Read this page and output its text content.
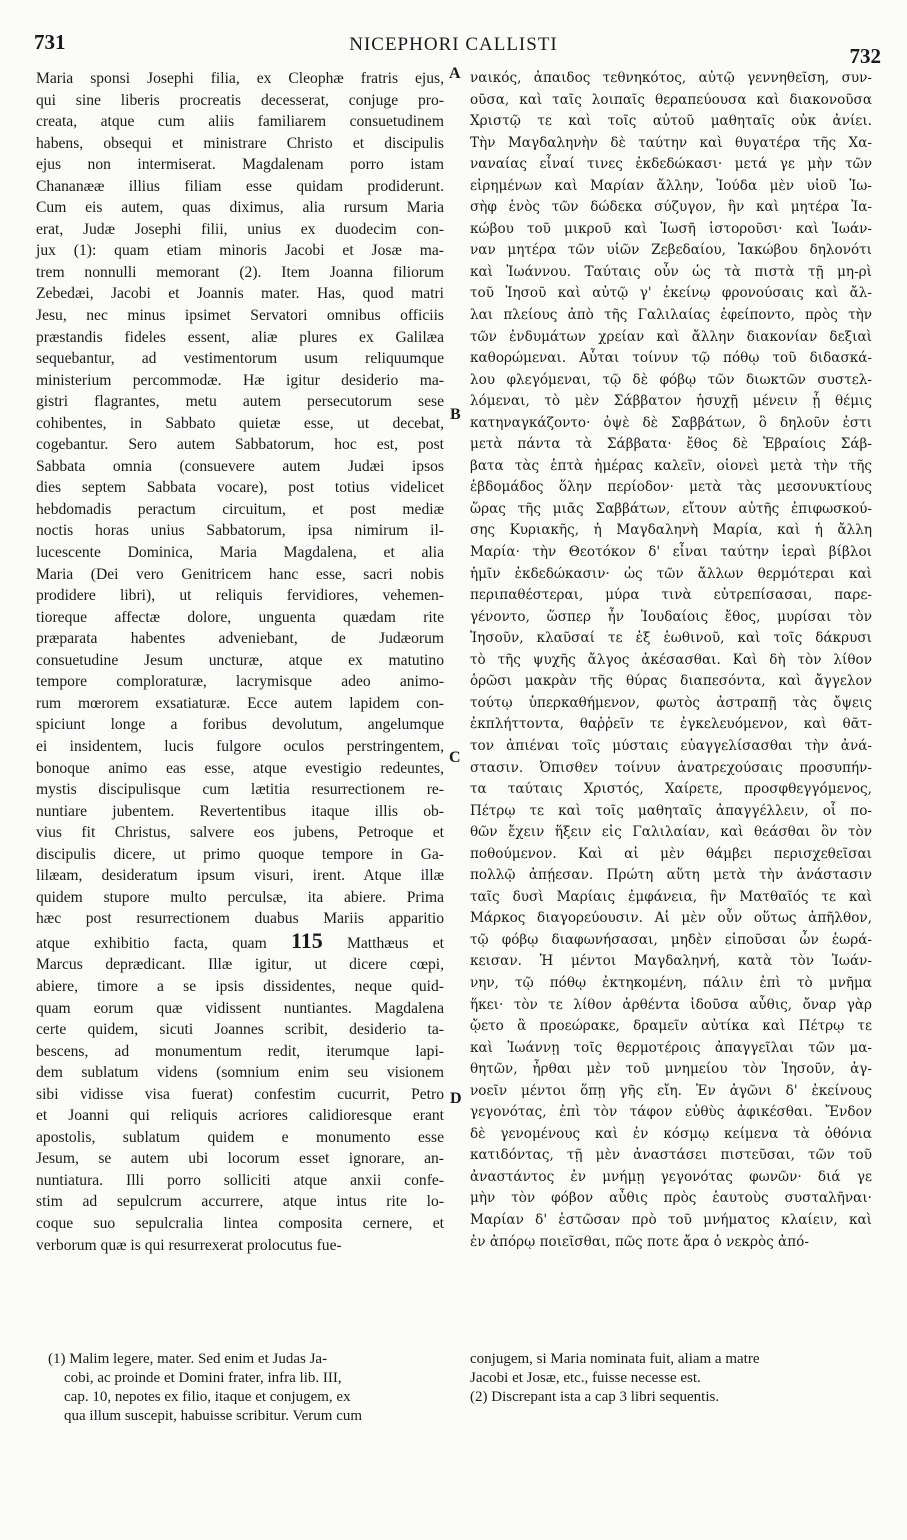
731	NICEPHORI CALLISTI	732
Maria sponsi Josephi filia, ex Cleophæ fratris ejus,
qui sine liberis procreatis decesserat, conjuge pro-
creata, atque cum aliis familiarem consuetudinem
habens, obsequi et ministrare Christo et discipulis
ejus non intermiserat. Magdalenam porro istam
Chananææ illius filiam esse quidam prodiderunt.
Cum eis autem, quas diximus, alia rursum Maria
erat, Judæ Josephi filii, unius ex duodecim con-
jux (1): quam etiam minoris Jacobi et Josæ ma-
trem nonnulli memorant (2). Item Joanna filiorum
Zebedæi, Jacobi et Joannis mater. Has, quod matri
Jesu, nec minus ipsimet Servatori omnibus officiis
præstandis fideles essent, aliæ plures ex Galilæa
sequebantur, ad vestimentorum usum reliquumque
ministerium percommodæ. Hæ igitur desiderio ma-
gistri flagrantes, metu autem persecutorum sese
cohibentes, in Sabbato quietæ esse, ut decebat,
cogebantur. Sero autem Sabbatorum, hoc est, post
Sabbata omnia (consuevere autem Judæi ipsos
dies septem Sabbata vocare), post totius videlicet
hebdomadis peractum circuitum, et post mediæ
noctis horas unius Sabbatorum, ipsa nimirum il-
lucescente Dominica, Maria Magdalena, et alia
Maria (Dei vero Genitricem hanc esse, sacri nobis
prodidere libri), ut reliquis fervidiores, vehemen-
tioreque affectæ dolore, unguenta quædam rite
præparata habentes adveniebant, de Judæorum
consuetudine Jesum uncturæ, atque ex matutino
tempore comploraturæ, lacrymisque adeo animo-
rum mœrorem exsatiaturæ. Ecce autem lapidem con-
spiciunt longe a foribus devolutum, angelumque
ei insidentem, lucis fulgore oculos perstringentem,
bonoque animo eas esse, atque evestigio redeuntes,
mystis discipulisque cum lætitia resurrectionem re-
nuntiare jubentem. Revertentibus itaque illis ob-
vius fit Christus, salvere eos jubens, Petroque et
discipulis dicere, ut primo quoque tempore in Ga-
lilæam, desideratum ipsum visuri, irent. Atque illæ
quidem stupore multo perculsæ, ita abiere. Prima
hæc post resurrectionem duabus Mariis apparitio
atque exhibitio facta, quam 115 Matthæus et
Marcus deprædicant. Illæ igitur, ut dicere cœpi,
abiere, timore a se ipsis dissidentes, neque quid-
quam eorum quæ vidissent nuntiantes. Magdalena
certe quidem, sicuti Joannes scribit, desiderio ta-
bescens, ad monumentum redit, iterumque lapi-
dem sublatum videns (somnium enim seu visionem
sibi vidisse visa fuerat) confestim cucurrit, Petro
et Joanni qui reliquis acriores calidioresque erant
apostolis, sublatum quidem e monumento esse
Jesum, se autem ubi locorum esset ignorare, an-
nuntiatura. Illi porro solliciti atque anxii confe-
stim ad sepulcrum accurrere, atque intus rite lo-
coque suo sepulcralia lintea composita cernere, et
verborum quæ is qui resurrexerat prolocutus fue-
ναικός, ἀπαιδος τεθνηκότος, αὐτῷ γεννηθεῖση, συν-
οῦσα, καὶ ταῖς λοιπαῖς θεραπεύουσα καὶ διακονοῦσα
Χριστῷ τε καὶ τοῖς αὐτοῦ μαθηταῖς οὐκ ἀνίει.
Τὴν Μαγδαληνὴν δὲ ταύτην καὶ θυγατέρα τῆς Χα-
ναναίας εἶναί τινες ἐκδεδώκασι· μετά γε μὴν τῶν
εἰρημένων καὶ Μαρίαν ἄλλην, Ἰούδα μὲν υἱοῦ Ἰω-
σὴφ ἑνὸς τῶν δώδεκα σύζυγον, ἣν καὶ μητέρα Ἰα-
κώβου τοῦ μικροῦ καὶ Ἰωσῆ ἱστοροῦσι· καὶ Ἰωάν-
ναν μητέρα τῶν υἱῶν Ζεβεδαίου, Ἰακώβου δηλονότι
καὶ Ἰωάννου. Ταύταις οὖν ὡς τὰ πιστὰ τῇ μη-ρὶ
τοῦ Ἰησοῦ καὶ αὐτῷ γ' ἐκείνῳ φρονούσαις καὶ ἄλ-
λαι πλείους ἀπὸ τῆς Γαλιλαίας ἐφείποντο, πρὸς τὴν
τῶν ἐνδυμάτων χρείαν καὶ ἄλλην διακονίαν δεξιαὶ
καθορώμεναι. Αὗται τοίνυν τῷ πόθῳ τοῦ διδασκά-
λου φλεγόμεναι, τῷ δὲ φόβῳ τῶν διωκτῶν συστελ-
λόμεναι, τὸ μὲν Σάββατον ἡσυχῇ μένειν ᾗ θέμις
κατηναγκάζοντο· ὀψὲ δὲ Σαββάτων, ὃ δηλοῦν ἐστι
μετὰ πάντα τὰ Σάββατα· ἔθος δὲ Ἑβραίοις Σάβ-
βατα τὰς ἑπτὰ ἡμέρας καλεῖν, οἱονεὶ μετὰ τὴν τῆς
ἑβδομάδος ὅλην περίοδον· μετὰ τὰς μεσονυκτίους
ὥρας τῆς μιᾶς Σαββάτων, εἴτουν αὐτῆς ἐπιφωσκού-
σης Κυριακῆς, ἡ Μαγδαληνὴ Μαρία, καὶ ἡ ἄλλη
Μαρία· τὴν Θεοτόκον δ' εἶναι ταύτην ἱεραὶ βίβλοι
ἡμῖν ἐκδεδώκασιν· ὡς τῶν ἄλλων θερμότεραι καὶ
περιπαθέστεραι, μύρα τινὰ εὐτρεπίσασαι, παρε-
γένοντο, ὥσπερ ἦν Ἰουδαίοις ἔθος, μυρίσαι τὸν
Ἰησοῦν, κλαῦσαί τε ἐξ ἑωθινοῦ, καὶ τοῖς δάκρυσι
τὸ τῆς ψυχῆς ἄλγος ἀκέσασθαι. Καὶ δὴ τὸν λίθον
ὁρῶσι μακρὰν τῆς θύρας διαπεσόντα, καὶ ἄγγελον
τούτῳ ὑπερκαθήμενον, φωτὸς ἀστραπῇ τὰς ὄψεις
ἐκπλήττοντα, θαῤῥεῖν τε ἐγκελευόμενον, καὶ θᾶτ-
τον ἀπιέναι τοῖς μύσταις εὐαγγελίσασθαι τὴν ἀνά-
στασιν. Ὀπισθεν τοίνυν ἀνατρεχούσαις προσυπήν-
τα ταύταις Χριστός, Χαίρετε, προσφθεγγόμενος,
Πέτρῳ τε καὶ τοῖς μαθηταῖς ἀπαγγέλλειν, οἷ πο-
θῶν ἔχειν ἥξειν εἰς Γαλιλαίαν, καὶ θεάσθαι ὃν τὸν
ποθούμενον. Καὶ αἱ μὲν θάμβει περισχεθεῖσαι
πολλῷ ἀπῄεσαν. Πρώτη αὕτη μετὰ τὴν ἀνάστασιν
ταῖς δυσὶ Μαρίαις ἐμφάνεια, ἣν Ματθαῖός τε καὶ
Μάρκος διαγορεύουσιν. Αἱ μὲν οὖν οὕτως ἀπῆλθον,
τῷ φόβῳ διαφωνήσασαι, μηδὲν εἰποῦσαι ὧν ἑωρά-
κεισαν. Ἡ μέντοι Μαγδαληνή, κατὰ τὸν Ἰωάν-
νην, τῷ πόθῳ ἐκτηκομένη, πάλιν ἐπὶ τὸ μνῆμα
ἥκει· τὸν τε λίθον ἀρθέντα ἰδοῦσα αὖθις, ὄναρ γὰρ
ᾤετο ἂ προεώρακε, δραμεῖν αὐτίκα καὶ Πέτρῳ τε
καὶ Ἰωάννῃ τοῖς θερμοτέροις ἀπαγγεῖλαι τῶν μα-
θητῶν, ἦρθαι μὲν τοῦ μνημείου τὸν Ἰησοῦν, ἀγ-
νοεῖν μέντοι ὅπῃ γῆς εἴη. Ἐν ἀγῶνι δ' ἐκείνους
γεγονότας, ἐπὶ τὸν τάφον εὐθὺς ἀφικέσθαι. Ἔνδον
δὲ γενομένους καὶ ἐν κόσμῳ κείμενα τὰ ὀθόνια
κατιδόντας, τῇ μὲν ἀναστάσει πιστεῦσαι, τῶν τοῦ
ἀναστάντος ἐν μνήμῃ γεγονότας φωνῶν· διά γε
μὴν τὸν φόβον αὖθις πρὸς ἑαυτοὺς συσταλῆναι·
Μαρίαν δ' ἑστῶσαν πρὸ τοῦ μνήματος κλαίειν, καὶ
ἐν ἀπόρῳ ποιεῖσθαι, πῶς ποτε ἄρα ὁ νεκρὸς ἀπό-
A
B
C
D
(1) Malim legere, mater. Sed enim et Judas Ja-
cobi, ac proinde et Domini frater, infra lib. III,
cap. 10, nepotes ex filio, itaque et conjugem, ex
qua illum suscepit, habuisse scribitur. Verum cum
conjugem, si Maria nominata fuit, aliam a matre
Jacobi et Josæ, etc., fuisse necesse est.
(2) Discrepant ista a cap 3 libri sequentis.
